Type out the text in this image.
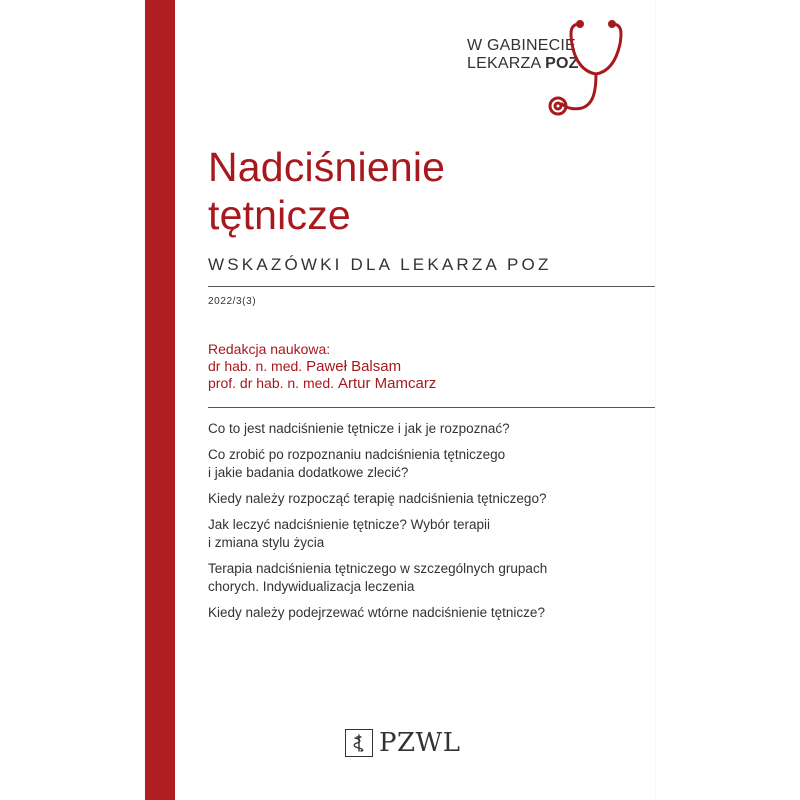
W GABINECIE
LEKARZA POZ
Nadciśnienie
tętnicze
WSKAZÓWKI DLA LEKARZA POZ
2022/3(3)
Redakcja naukowa:
dr hab. n. med. Paweł Balsam
prof. dr hab. n. med. Artur Mamcarz
Co to jest nadciśnienie tętnicze i jak je rozpoznać?
Co zrobić po rozpoznaniu nadciśnienia tętniczego
i jakie badania dodatkowe zlecić?
Kiedy należy rozpocząć terapię nadciśnienia tętniczego?
Jak leczyć nadciśnienie tętnicze? Wybór terapii
i zmiana stylu życia
Terapia nadciśnienia tętniczego w szczególnych grupach
chorych. Indywidualizacja leczenia
Kiedy należy podejrzewać wtórne nadciśnienie tętnicze?
PZWL
